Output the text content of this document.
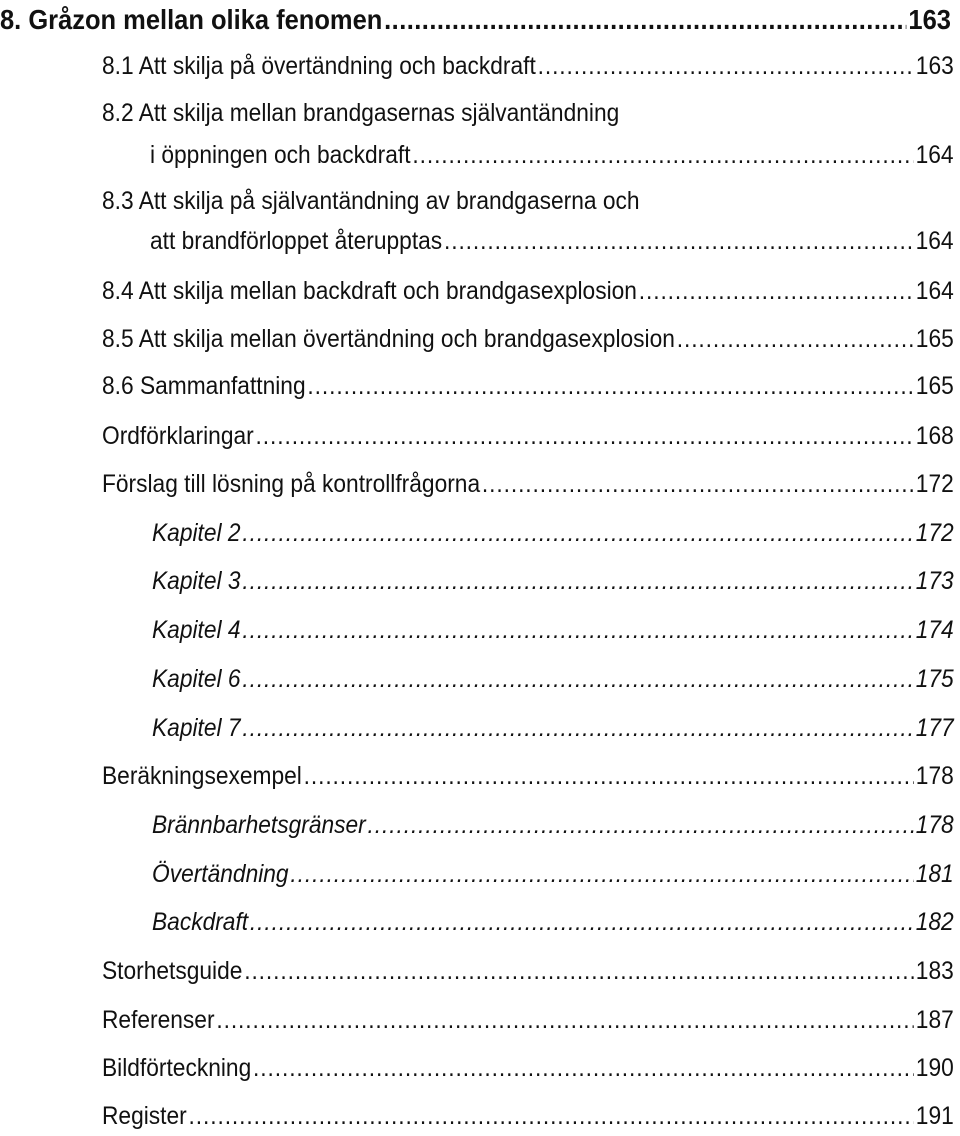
8. Gråzon mellan olika fenomen .....	163
8.1 Att skilja på övertändning och backdraft .....	163
8.2 Att skilja mellan brandgasernas självantändning
i öppningen och backdraft .....	164
8.3 Att skilja på självantändning av brandgaserna och
att brandförloppet återupptas .....	164
8.4 Att skilja mellan backdraft och brandgasexplosion .....	164
8.5 Att skilja mellan övertändning och brandgasexplosion .....	165
8.6 Sammanfattning .....	165
Ordförklaringar .....	168
Förslag till lösning på kontrollfrågorna .....	172
Kapitel 2 .....	172
Kapitel 3 .....	173
Kapitel 4 .....	174
Kapitel 6 .....	175
Kapitel 7 .....	177
Beräkningsexempel .....	178
Brännbarhetsgränser .....	178
Övertändning .....	181
Backdraft .....	182
Storhetsguide .....	183
Referenser .....	187
Bildförteckning .....	190
Register .....	191
